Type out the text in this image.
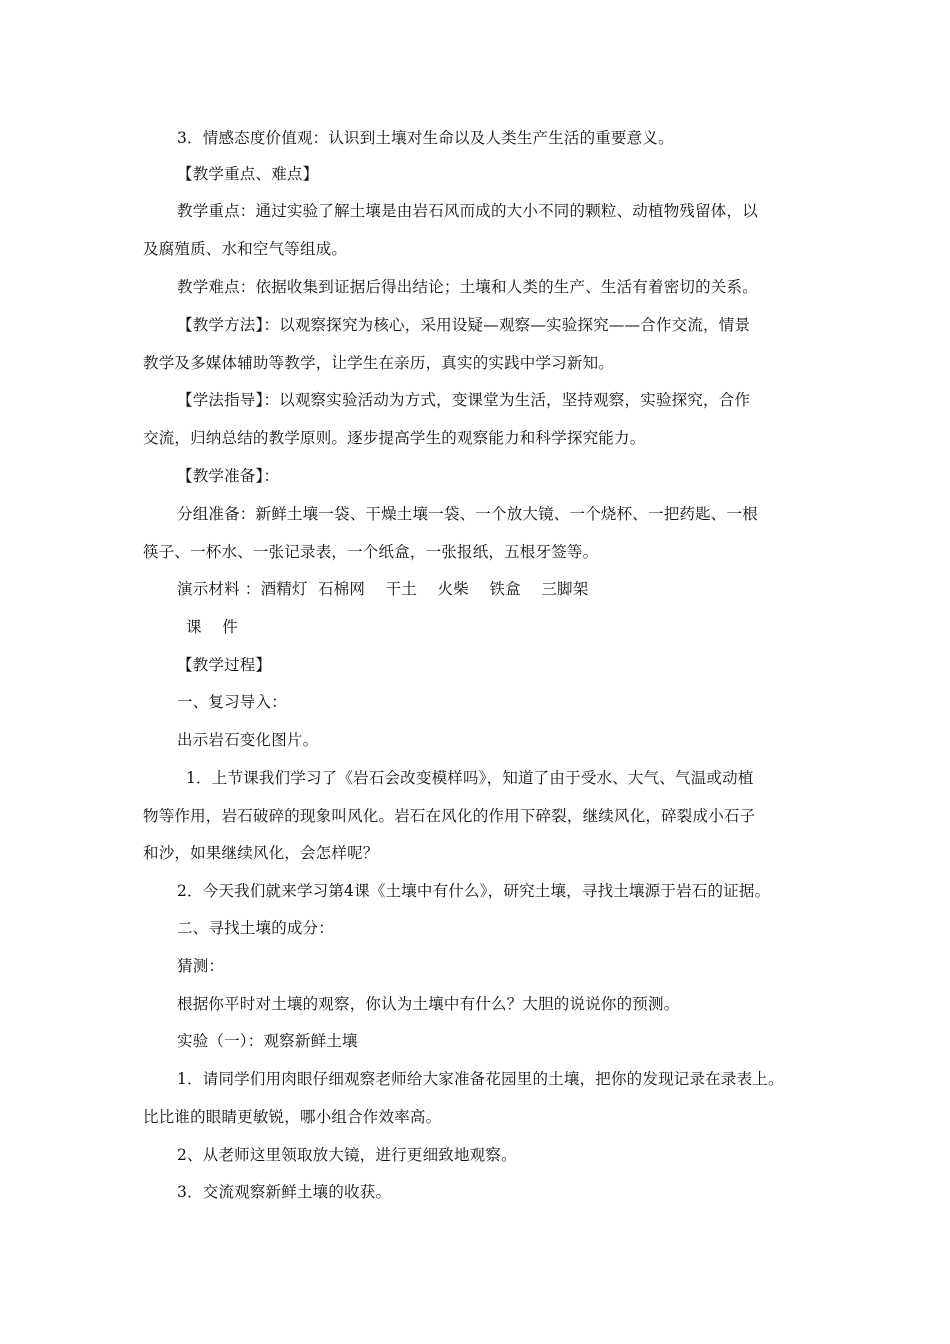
3．情感态度价值观：认识到土壤对生命以及人类生产生活的重要意义。
【教学重点、难点】
教学重点：通过实验了解土壤是由岩石风而成的大小不同的颗粒、动植物残留体，以
及腐殖质、水和空气等组成。
教学难点：依据收集到证据后得出结论；土壤和人类的生产、生活有着密切的关系。
【教学方法】：以观察探究为核心，采用设疑—观察—实验探究——合作交流，情景
教学及多媒体辅助等教学，让学生在亲历，真实的实践中学习新知。
【学法指导】：以观察实验活动为方式，变课堂为生活，坚持观察，实验探究，合作
交流，归纳总结的教学原则。逐步提高学生的观察能力和科学探究能力。
【教学准备】：
分组准备：新鲜土壤一袋、干燥土壤一袋、一个放大镜、一个烧杯、一把药匙、一根
筷子、一杯水、一张记录表，一个纸盒，一张报纸，五根牙签等。
演示材料 ：酒精灯  石棉网    干土    火柴    铁盒    三脚架
课    件
【教学过程】
一、复习导入：
出示岩石变化图片。
1．上节课我们学习了《岩石会改变模样吗》，知道了由于受水、大气、气温或动植
物等作用，岩石破碎的现象叫风化。岩石在风化的作用下碎裂，继续风化，碎裂成小石子
和沙，如果继续风化，会怎样呢？
2．今天我们就来学习第4课《土壤中有什么》，研究土壤，寻找土壤源于岩石的证据。
二、寻找土壤的成分：
猜测：
根据你平时对土壤的观察，你认为土壤中有什么？大胆的说说你的预测。
实验（一）：观察新鲜土壤
1．请同学们用肉眼仔细观察老师给大家准备花园里的土壤，把你的发现记录在录表上。
比比谁的眼睛更敏锐，哪小组合作效率高。
2、从老师这里领取放大镜，进行更细致地观察。
3．交流观察新鲜土壤的收获。
